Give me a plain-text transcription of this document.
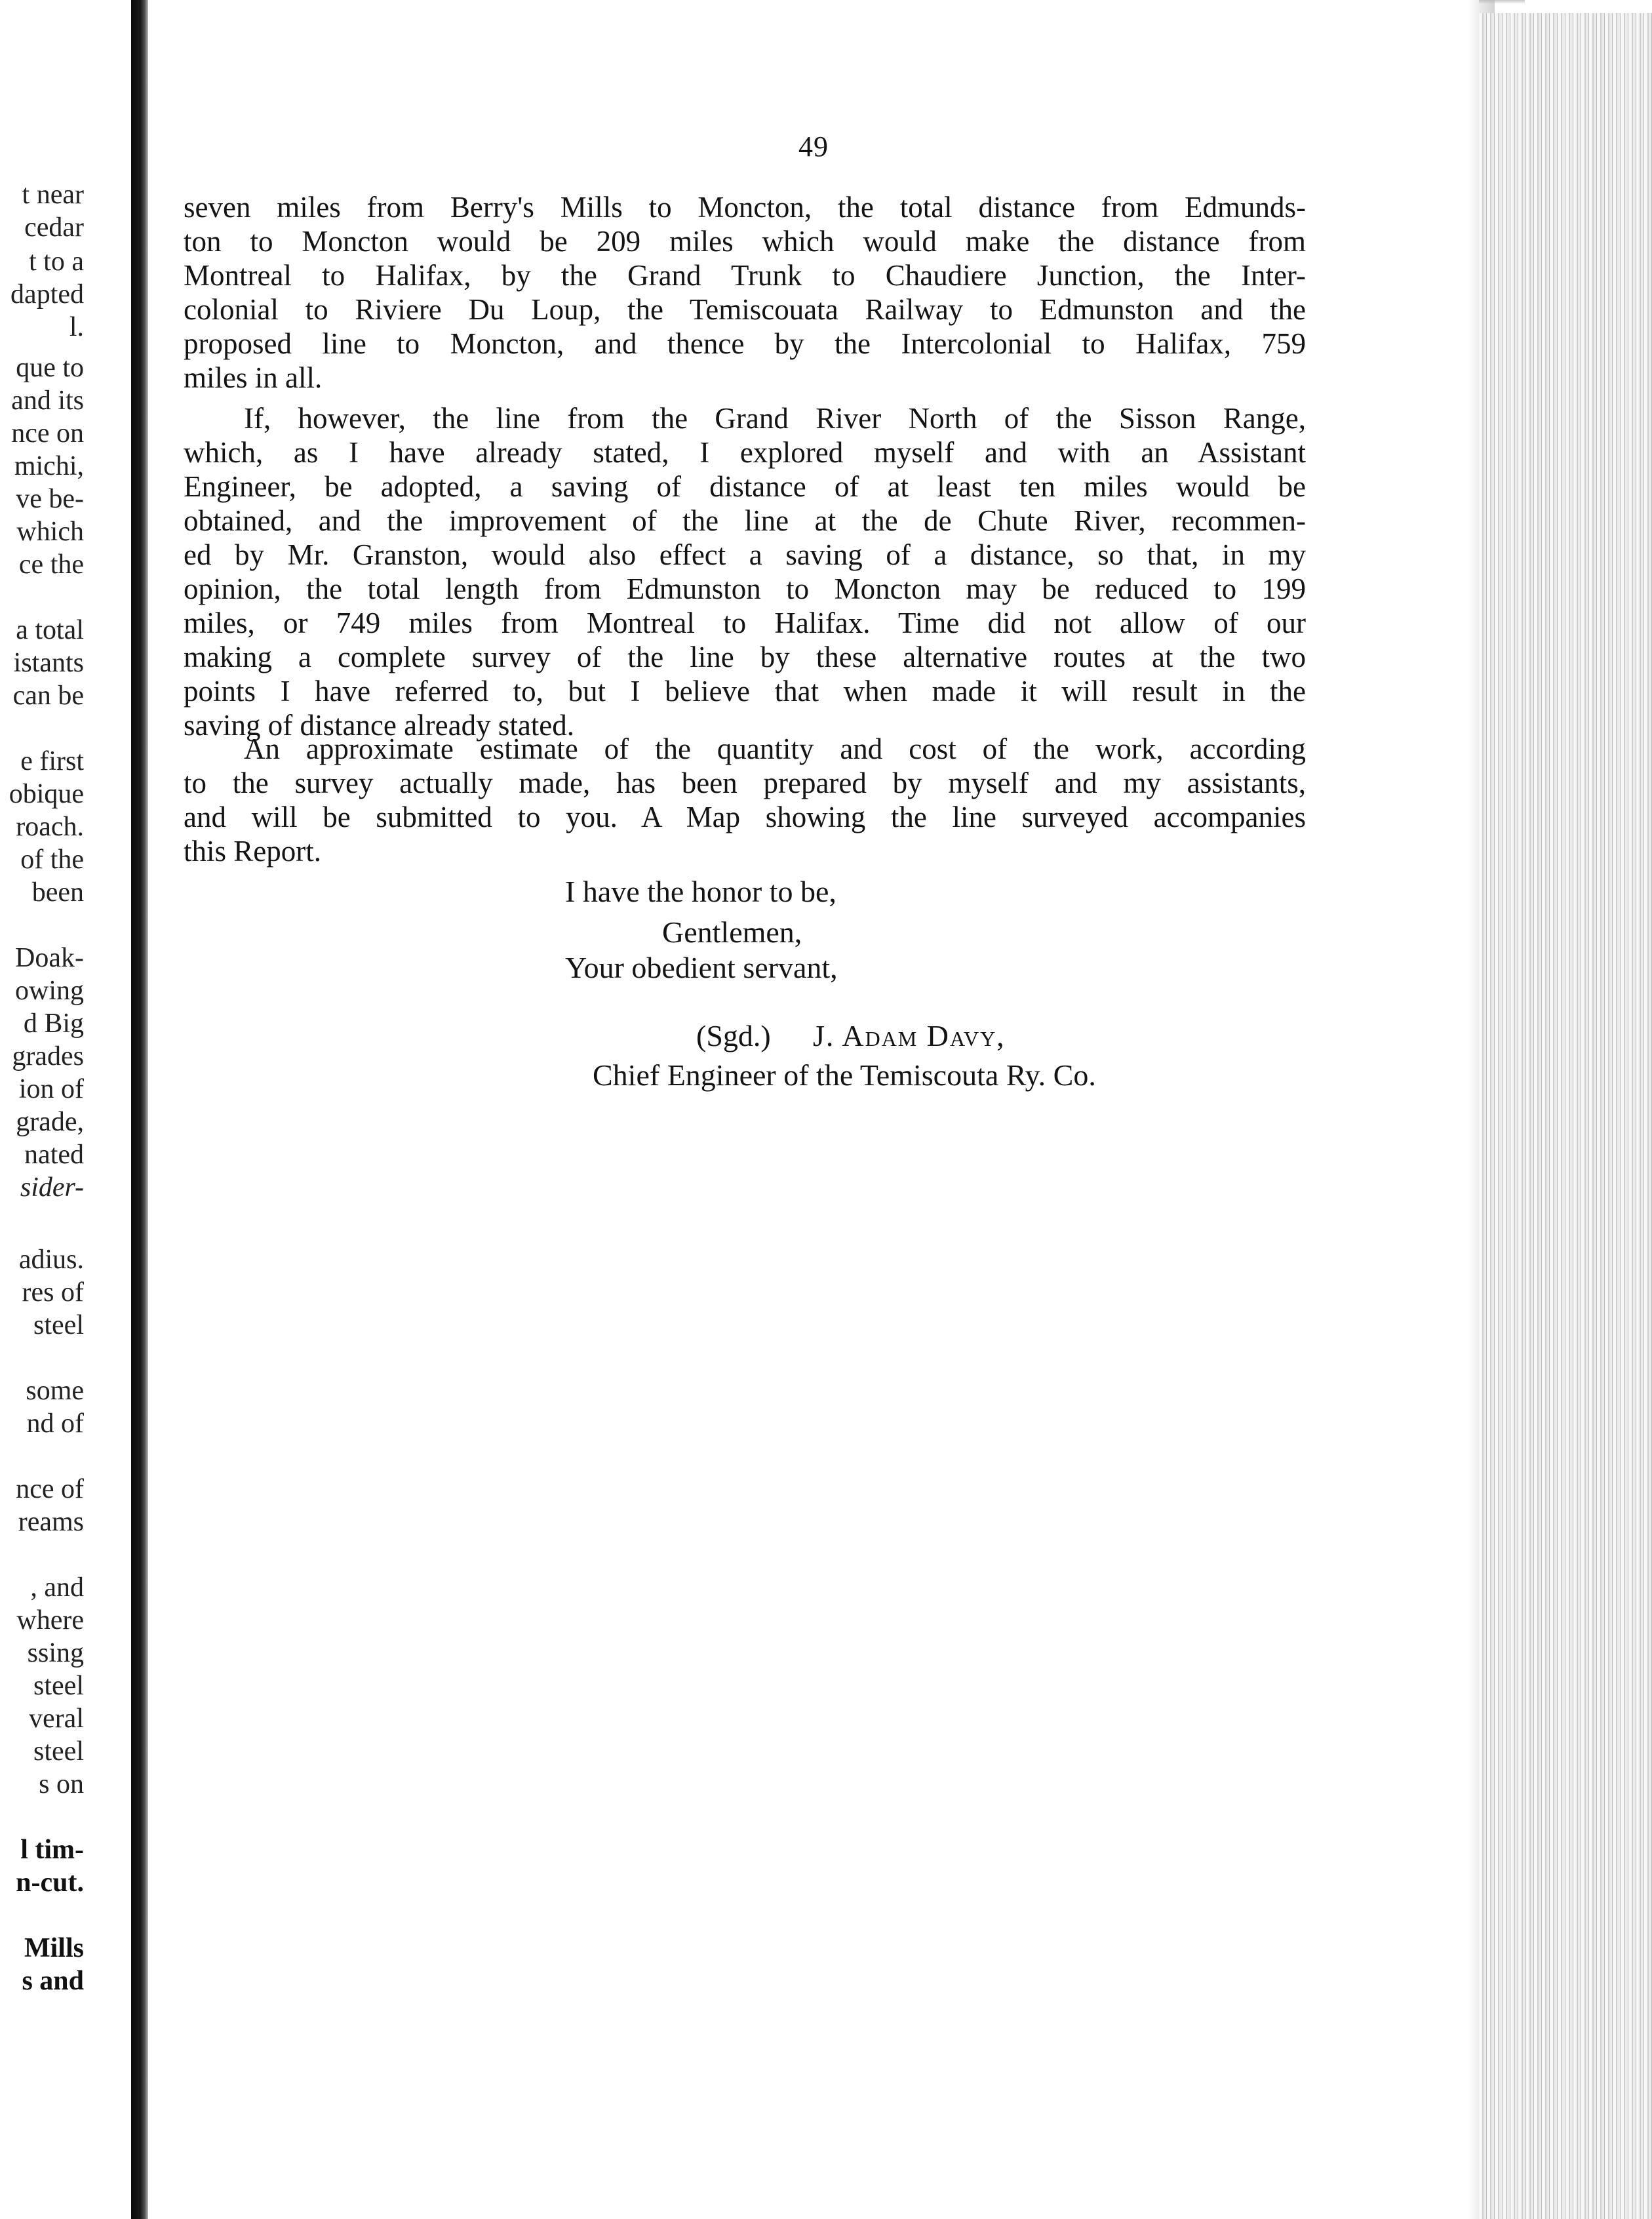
t near
cedar
t to a
dapted
l.
que to
and its
nce on
michi,
ve be-
which
ce the
a total
istants
can be
e first
obique
roach.
of the
been
Doak-
owing
d Big
grades
ion of
grade,
nated
sider-
adius.
res of
steel
some
nd of
nce of
reams
, and
where
ssing
steel
veral
steel
s on
l tim-
n-cut.
Mills
s and
49
seven miles from Berry's Mills to Moncton, the total distance from Edmunds-
ton to Moncton would be 209 miles which would make the distance from
Montreal to Halifax, by the Grand Trunk to Chaudiere Junction, the Inter-
colonial to Riviere Du Loup, the Temiscouata Railway to Edmunston and the
proposed line to Moncton, and thence by the Intercolonial to Halifax, 759
miles in all.
If, however, the line from the Grand River North of the Sisson Range,
which, as I have already stated, I explored myself and with an Assistant
Engineer, be adopted, a saving of distance of at least ten miles would be
obtained, and the improvement of the line at the de Chute River, recommen-
ed by Mr. Granston, would also effect a saving of a distance, so that, in my
opinion, the total length from Edmunston to Moncton may be reduced to 199
miles, or 749 miles from Montreal to Halifax. Time did not allow of our
making a complete survey of the line by these alternative routes at the two
points I have referred to, but I believe that when made it will result in the
saving of distance already stated.
An approximate estimate of the quantity and cost of the work, according
to the survey actually made, has been prepared by myself and my assistants,
and will be submitted to you. A Map showing the line surveyed accompanies
this Report.
I have the honor to be,
Gentlemen,
Your obedient servant,
(Sgd.) J. Adam Davy,
Chief Engineer of the Temiscouta Ry. Co.
